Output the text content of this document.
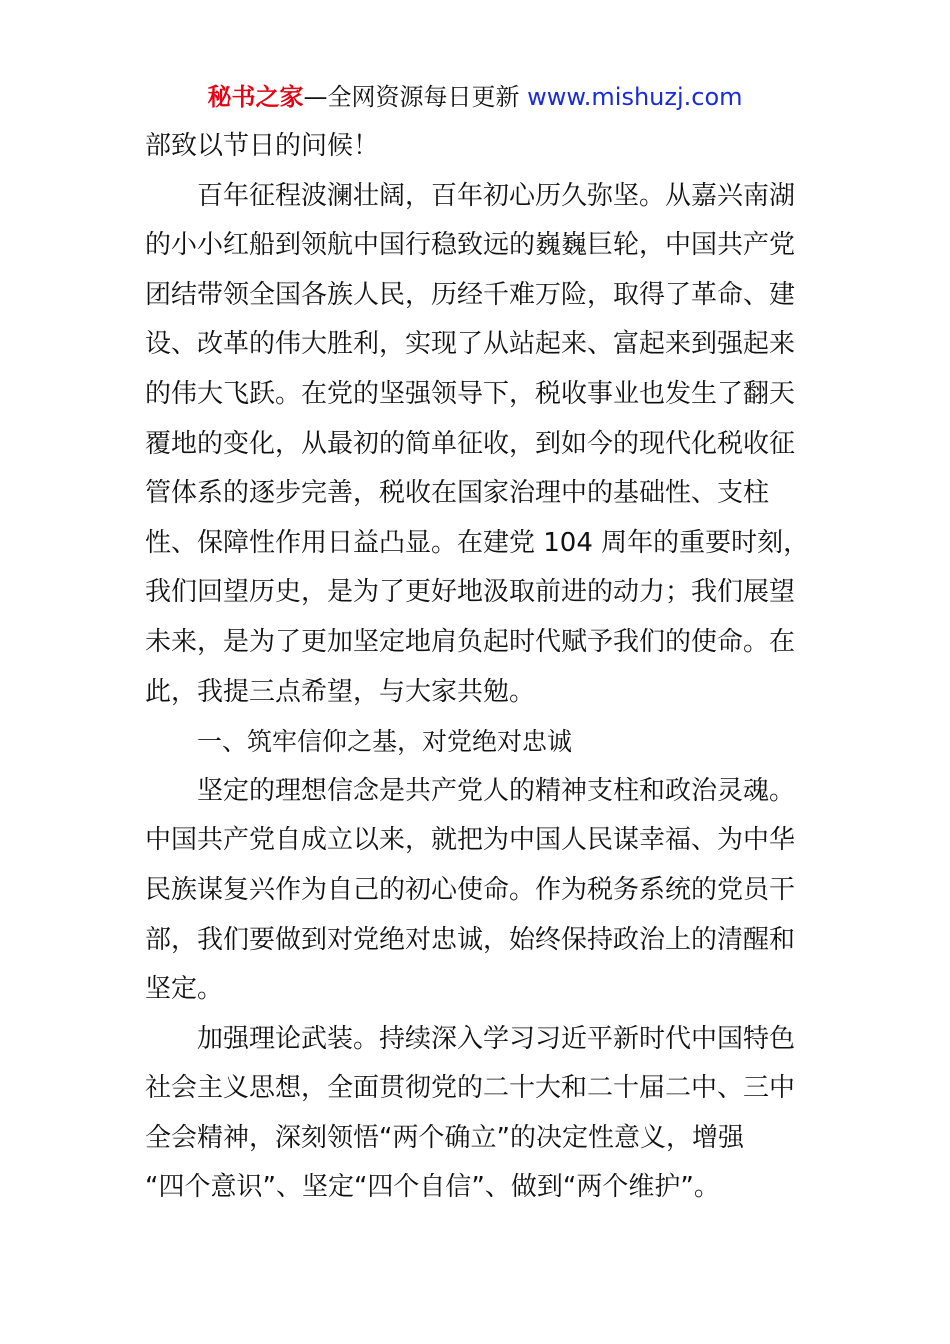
秘书之家—全网资源每日更新 www.mishuzj.com
部致以节日的问候！
百年征程波澜壮阔，百年初心历久弥坚。从嘉兴南湖
的小小红船到领航中国行稳致远的巍巍巨轮，中国共产党
团结带领全国各族人民，历经千难万险，取得了革命、建
设、改革的伟大胜利，实现了从站起来、富起来到强起来
的伟大飞跃。在党的坚强领导下，税收事业也发生了翻天
覆地的变化，从最初的简单征收，到如今的现代化税收征
管体系的逐步完善，税收在国家治理中的基础性、支柱
性、保障性作用日益凸显。在建党 104 周年的重要时刻，
我们回望历史，是为了更好地汲取前进的动力；我们展望
未来，是为了更加坚定地肩负起时代赋予我们的使命。在
此，我提三点希望，与大家共勉。
一、筑牢信仰之基，对党绝对忠诚
坚定的理想信念是共产党人的精神支柱和政治灵魂。
中国共产党自成立以来，就把为中国人民谋幸福、为中华
民族谋复兴作为自己的初心使命。作为税务系统的党员干
部，我们要做到对党绝对忠诚，始终保持政治上的清醒和
坚定。
加强理论武装。持续深入学习习近平新时代中国特色
社会主义思想，全面贯彻党的二十大和二十届二中、三中
全会精神，深刻领悟“两个确立”的决定性意义，增强
“四个意识”、坚定“四个自信”、做到“两个维护”。
